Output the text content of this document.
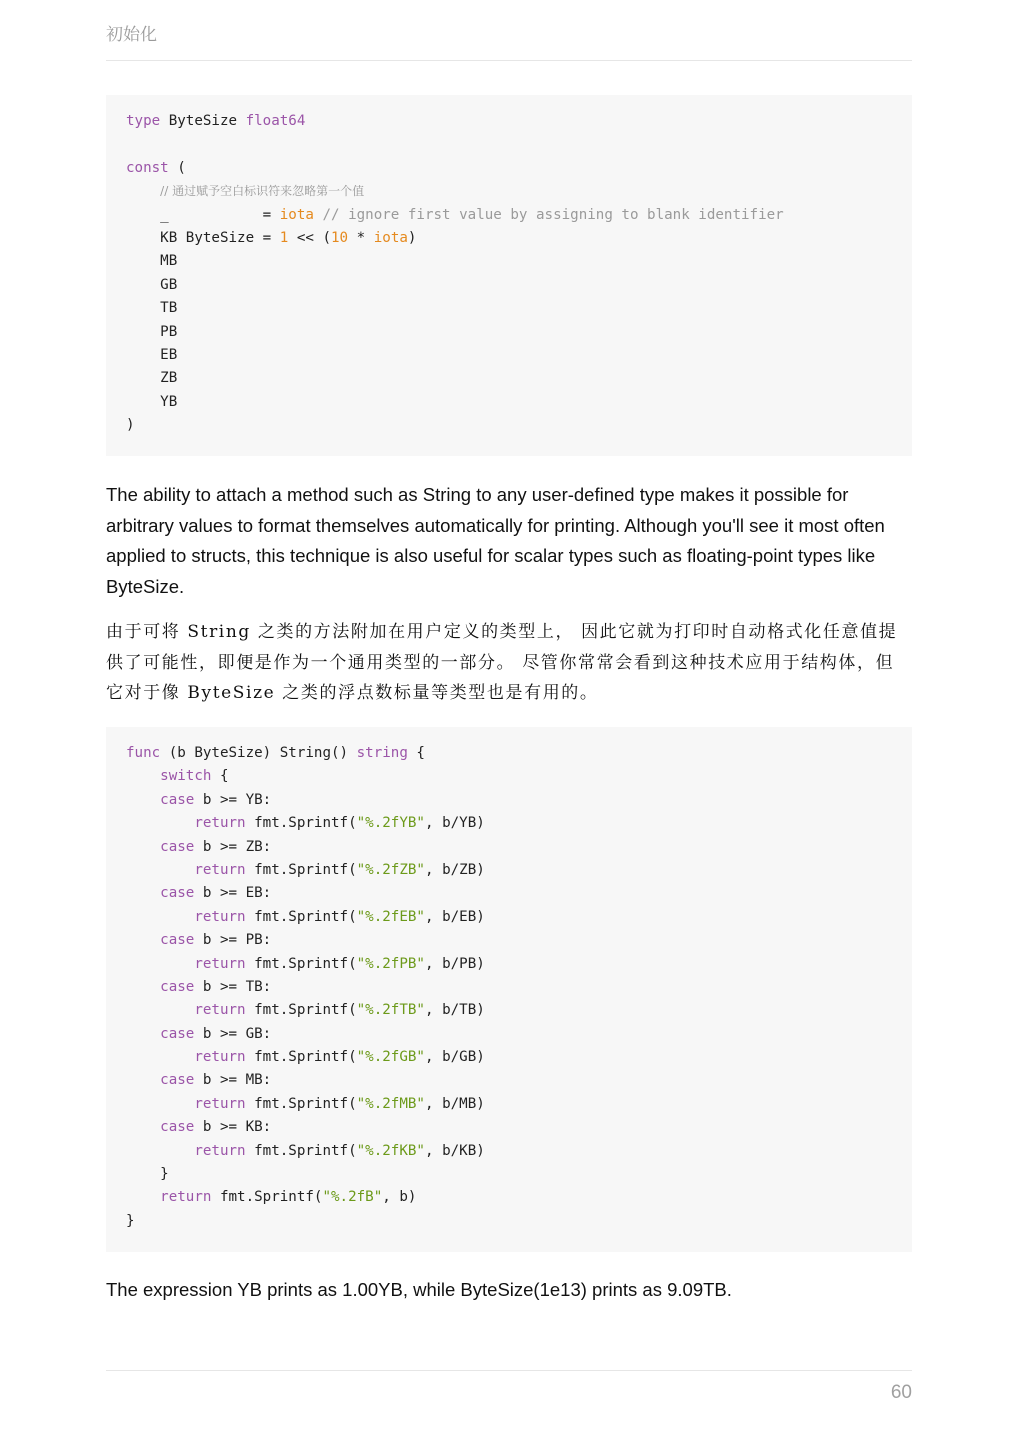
初始化
type ByteSize float64

const (
// 通过赋予空白标识符来忽略第一个值
_           = iota // ignore first value by assigning to blank identifier
KB ByteSize = 1 << (10 * iota)
MB
GB
TB
PB
EB
ZB
YB
)

The ability to attach a method such as String to any user-defined type makes it possible for arbitrary values to format themselves automatically for printing. Although you'll see it most often applied to structs, this technique is also useful for scalar types such as floating-point types like ByteSize.

由于可将 String 之类的方法附加在用户定义的类型上， 因此它就为打印时自动格式化任意值提供了可能性，即便是作为一个通用类型的一部分。 尽管你常常会看到这种技术应用于结构体，但它对于像 ByteSize 之类的浮点数标量等类型也是有用的。

func (b ByteSize) String() string {
switch {
case b >= YB:
return fmt.Sprintf("%.2fYB", b/YB)
case b >= ZB:
return fmt.Sprintf("%.2fZB", b/ZB)
case b >= EB:
return fmt.Sprintf("%.2fEB", b/EB)
case b >= PB:
return fmt.Sprintf("%.2fPB", b/PB)
case b >= TB:
return fmt.Sprintf("%.2fTB", b/TB)
case b >= GB:
return fmt.Sprintf("%.2fGB", b/GB)
case b >= MB:
return fmt.Sprintf("%.2fMB", b/MB)
case b >= KB:
return fmt.Sprintf("%.2fKB", b/KB)
}
return fmt.Sprintf("%.2fB", b)
}

The expression YB prints as 1.00YB, while ByteSize(1e13) prints as 9.09TB.

60
